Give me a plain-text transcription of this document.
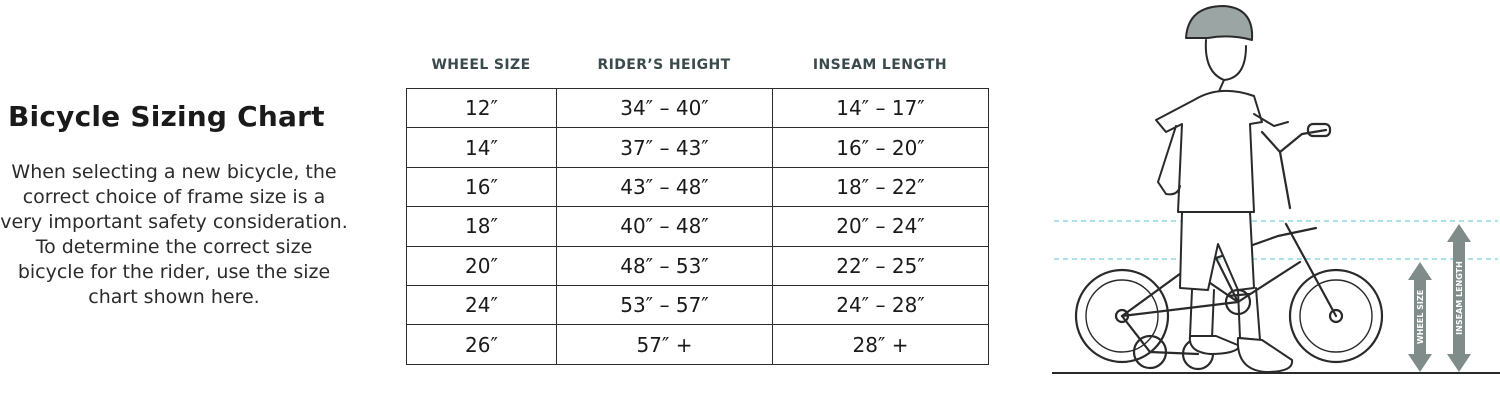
Bicycle Sizing Chart
When selecting a new bicycle, the correct choice of frame size is a very important safety consideration. To determine the correct size bicycle for the rider, use the size chart shown here.
WHEEL SIZE	RIDER’S HEIGHT	INSEAM LENGTH
12″	34″ – 40″	14″ – 17″
14″	37″ – 43″	16″ – 20″
16″	43″ – 48″	18″ – 22″
18″	40″ – 48″	20″ – 24″
20″	48″ – 53″	22″ – 25″
24″	53″ – 57″	24″ – 28″
26″	57″ +	28″ +
WHEEL SIZE	INSEAM LENGTH
